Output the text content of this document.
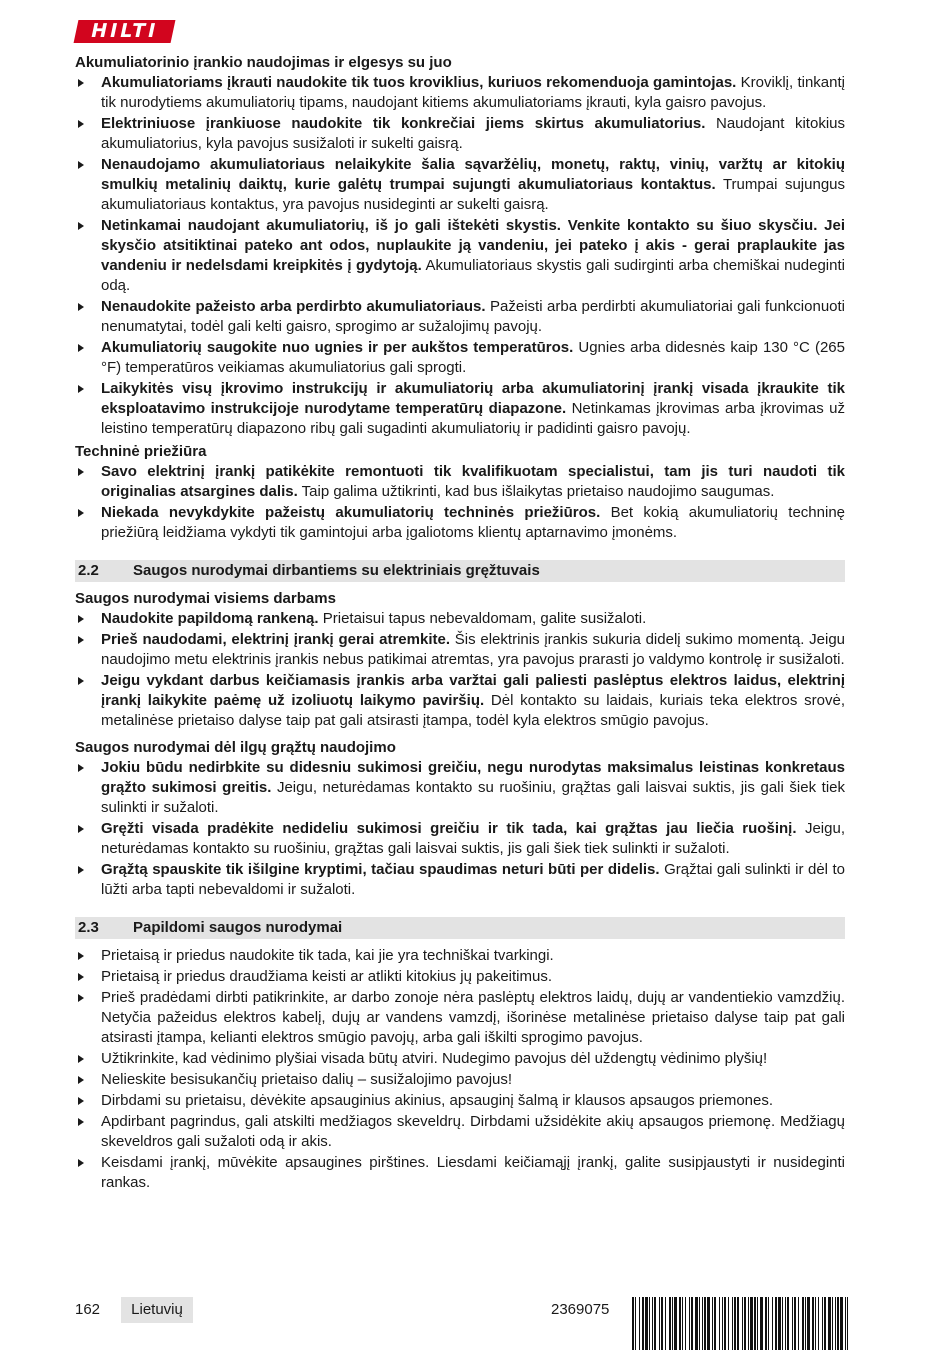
HILTI

Akumuliatorinio įrankio naudojimas ir elgesys su juo

Akumuliatoriams įkrauti naudokite tik tuos kroviklius, kuriuos rekomenduoja gamintojas. Kroviklį, tinkantį tik nurodytiems akumuliatorių tipams, naudojant kitiems akumuliatoriams įkrauti, kyla gaisro pavojus.
Elektriniuose įrankiuose naudokite tik konkrečiai jiems skirtus akumuliatorius. Naudojant kitokius akumuliatorius, kyla pavojus susižaloti ir sukelti gaisrą.
Nenaudojamo akumuliatoriaus nelaikykite šalia sąvaržėlių, monetų, raktų, vinių, varžtų ar kitokių smulkių metalinių daiktų, kurie galėtų trumpai sujungti akumuliatoriaus kontaktus. Trumpai sujungus akumuliatoriaus kontaktus, yra pavojus nusideginti ar sukelti gaisrą.
Netinkamai naudojant akumuliatorių, iš jo gali ištekėti skystis. Venkite kontakto su šiuo skysčiu. Jei skysčio atsitiktinai pateko ant odos, nuplaukite ją vandeniu, jei pateko į akis - gerai praplaukite jas vandeniu ir nedelsdami kreipkitės į gydytoją. Akumuliatoriaus skystis gali sudirginti arba chemiškai nudeginti odą.
Nenaudokite pažeisto arba perdirbto akumuliatoriaus. Pažeisti arba perdirbti akumuliatoriai gali funkcionuoti nenumatytai, todėl gali kelti gaisro, sprogimo ar sužalojimų pavojų.
Akumuliatorių saugokite nuo ugnies ir per aukštos temperatūros. Ugnies arba didesnės kaip 130 °C (265 °F) temperatūros veikiamas akumuliatorius gali sprogti.
Laikykitės visų įkrovimo instrukcijų ir akumuliatorių arba akumuliatorinį įrankį visada įkraukite tik eksploatavimo instrukcijoje nurodytame temperatūrų diapazone. Netinkamas įkrovimas arba įkrovimas už leistino temperatūrų diapazono ribų gali sugadinti akumuliatorių ir padidinti gaisro pavojų.

Techninė priežiūra

Savo elektrinį įrankį patikėkite remontuoti tik kvalifikuotam specialistui, tam jis turi naudoti tik originalias atsargines dalis. Taip galima užtikrinti, kad bus išlaikytas prietaiso naudojimo saugumas.
Niekada nevykdykite pažeistų akumuliatorių techninės priežiūros. Bet kokią akumuliatorių techninę priežiūrą leidžiama vykdyti tik gamintojui arba įgaliotoms klientų aptarnavimo įmonėms.
2.2 Saugos nurodymai dirbantiems su elektriniais gręžtuvais

Saugos nurodymai visiems darbams

Naudokite papildomą rankeną. Prietaisui tapus nebevaldomam, galite susižaloti.
Prieš naudodami, elektrinį įrankį gerai atremkite. Šis elektrinis įrankis sukuria didelį sukimo momentą. Jeigu naudojimo metu elektrinis įrankis nebus patikimai atremtas, yra pavojus prarasti jo valdymo kontrolę ir susižaloti.
Jeigu vykdant darbus keičiamasis įrankis arba varžtai gali paliesti paslėptus elektros laidus, elektrinį įrankį laikykite paėmę už izoliuotų laikymo paviršių. Dėl kontakto su laidais, kuriais teka elektros srovė, metalinėse prietaiso dalyse taip pat gali atsirasti įtampa, todėl kyla elektros smūgio pavojus.

Saugos nurodymai dėl ilgų grąžtų naudojimo

Jokiu būdu nedirbkite su didesniu sukimosi greičiu, negu nurodytas maksimalus leistinas konkretaus grąžto sukimosi greitis. Jeigu, neturėdamas kontakto su ruošiniu, grąžtas gali laisvai suktis, jis gali šiek tiek sulinkti ir sužaloti.
Gręžti visada pradėkite nedideliu sukimosi greičiu ir tik tada, kai grąžtas jau liečia ruošinį. Jeigu, neturėdamas kontakto su ruošiniu, grąžtas gali laisvai suktis, jis gali šiek tiek sulinkti ir sužaloti.
Grąžtą spauskite tik išilgine kryptimi, tačiau spaudimas neturi būti per didelis. Grąžtai gali sulinkti ir dėl to lūžti arba tapti nebevaldomi ir sužaloti.
2.3 Papildomi saugos nurodymai
Prietaisą ir priedus naudokite tik tada, kai jie yra techniškai tvarkingi.
Prietaisą ir priedus draudžiama keisti ar atlikti kitokius jų pakeitimus.
Prieš pradėdami dirbti patikrinkite, ar darbo zonoje nėra paslėptų elektros laidų, dujų ar vandentiekio vamzdžių. Netyčia pažeidus elektros kabelį, dujų ar vandens vamzdį, išorinėse metalinėse prietaiso dalyse taip pat gali atsirasti įtampa, kelianti elektros smūgio pavojų, arba gali iškilti sprogimo pavojus.
Užtikrinkite, kad vėdinimo plyšiai visada būtų atviri. Nudegimo pavojus dėl uždengtų vėdinimo plyšių!
Nelieskite besisukančių prietaiso dalių – susižalojimo pavojus!
Dirbdami su prietaisu, dėvėkite apsauginius akinius, apsauginį šalmą ir klausos apsaugos priemones.
Apdirbant pagrindus, gali atskilti medžiagos skeveldrų. Dirbdami užsidėkite akių apsaugos priemonę. Medžiagų skeveldros gali sužaloti odą ir akis.
Keisdami įrankį, mūvėkite apsaugines pirštines. Liesdami keičiamąjį įrankį, galite susipjaustyti ir nusideginti rankas.
162	Lietuvių	2369075
